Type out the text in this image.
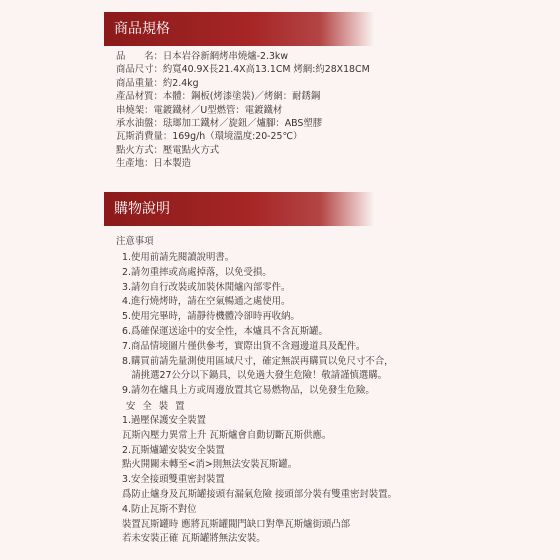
商品規格
品　　名：日本岩谷新網烤串燒爐-2.3kw
商品尺寸：約寬40.9X長21.4X高13.1CM 烤網:約28X18CM
商品重量：約2.4kg
產品材質：本體：鋼板(烤漆塗裝)／烤網：耐銹鋼
串燒架：電鍍鐵材／U型燃管：電鍍鐵材
承水油盤：琺瑯加工鐵材／旋鈕／爐腳：ABS塑膠
瓦斯消費量：169g/h（環境溫度:20-25℃）
點火方式：壓電點火方式
生產地：日本製造
購物說明
注意事項
1.使用前請先閱讀說明書。
2.請勿重摔或高處掉落，以免受損。
3.請勿自行改裝或加裝休閒爐內部零件。
4.進行燒烤時，請在空氣暢通之處使用。
5.使用完畢時，請靜待機體冷卻時再收納。
6.爲確保運送途中的安全性，本爐具不含瓦斯罐。
7.商品情境圖片僅供參考，實際出貨不含週邊道具及配件。
8.購買前請先量測使用區域尺寸，確定無誤再購買以免尺寸不合，
　請挑選27公分以下鍋具，以免過大發生危險！敬請謹慎選購。
9.請勿在爐具上方或周邊放置其它易燃物品，以免發生危險。
安 全 裝 置
1.過壓保護安全裝置
瓦斯內壓力異常上升 瓦斯爐會自動切斷瓦斯供應。
2.瓦斯爐罐安裝安全裝置
點火開關未轉至<消>則無法安裝瓦斯罐。
3.安全接頭雙重密封裝置
爲防止爐身及瓦斯罐接頭有漏氣危險 接頭部分裝有雙重密封裝置。
4.防止瓦斯不對位
裝置瓦斯罐時 應將瓦斯罐閥門缺口對準瓦斯爐街頭凸部
若未安裝正確 瓦斯罐將無法安裝。
